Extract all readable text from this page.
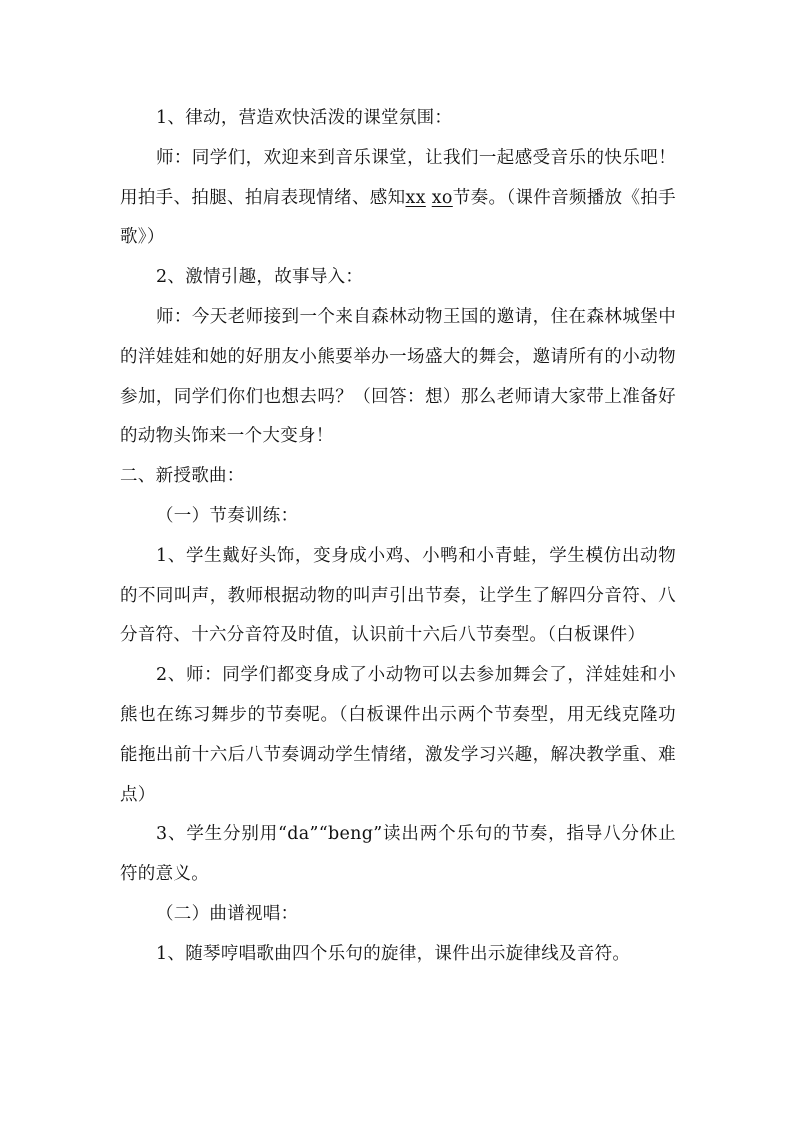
1、律动，营造欢快活泼的课堂氛围：

师：同学们，欢迎来到音乐课堂，让我们一起感受音乐的快乐吧！用拍手、拍腿、拍肩表现情绪、感知xx xo节奏。（课件音频播放《拍手歌》）

2、激情引趣，故事导入：

师：今天老师接到一个来自森林动物王国的邀请，住在森林城堡中的洋娃娃和她的好朋友小熊要举办一场盛大的舞会，邀请所有的小动物参加，同学们你们也想去吗？（回答：想）那么老师请大家带上准备好的动物头饰来一个大变身！

二、新授歌曲：

（一）节奏训练：

1、学生戴好头饰，变身成小鸡、小鸭和小青蛙，学生模仿出动物的不同叫声，教师根据动物的叫声引出节奏，让学生了解四分音符、八分音符、十六分音符及时值，认识前十六后八节奏型。（白板课件）

2、师：同学们都变身成了小动物可以去参加舞会了，洋娃娃和小熊也在练习舞步的节奏呢。（白板课件出示两个节奏型，用无线克隆功能拖出前十六后八节奏调动学生情绪，激发学习兴趣，解决教学重、难点）

3、学生分别用“da”“beng”读出两个乐句的节奏，指导八分休止符的意义。

（二）曲谱视唱：

1、随琴哼唱歌曲四个乐句的旋律，课件出示旋律线及音符。
